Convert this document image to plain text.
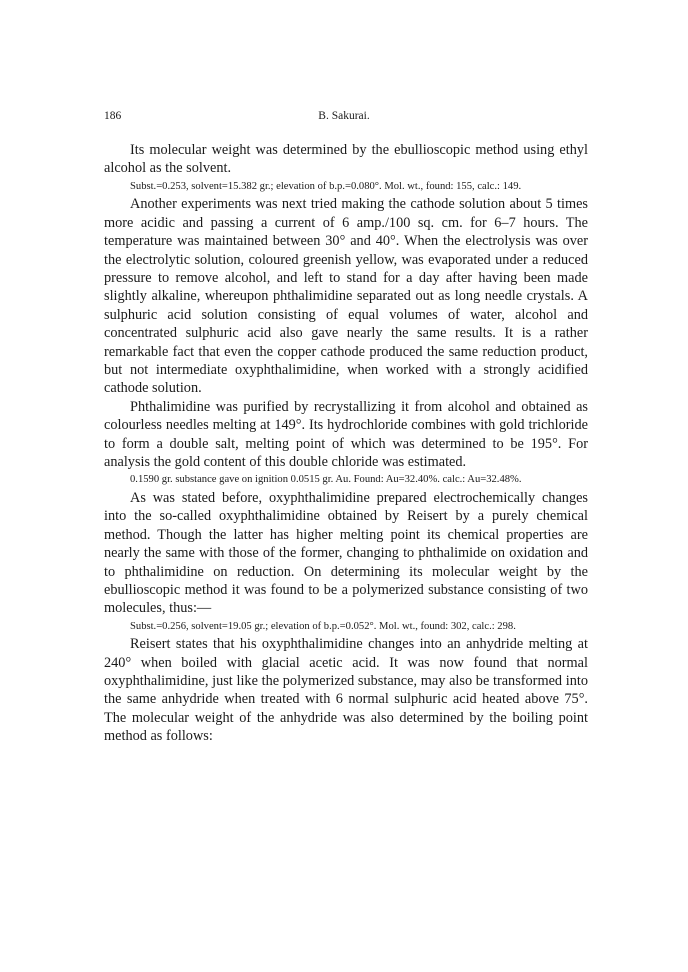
186	B. Sakurai.

Its molecular weight was determined by the ebullioscopic method using ethyl alcohol as the solvent.

Subst.=0.253, solvent=15.382 gr.; elevation of b.p.=0.080°. Mol. wt., found: 155, calc.: 149.

Another experiments was next tried making the cathode solution about 5 times more acidic and passing a current of 6 amp./100 sq. cm. for 6–7 hours. The temperature was maintained between 30° and 40°. When the electrolysis was over the electrolytic solution, coloured greenish yellow, was evaporated under a reduced pressure to remove alcohol, and left to stand for a day after having been made slightly alkaline, whereupon phthalimidine separated out as long needle crystals. A sulphuric acid solution consisting of equal volumes of water, alcohol and concentrated sulphuric acid also gave nearly the same results. It is a rather remarkable fact that even the copper cathode produced the same reduction product, but not intermediate oxyphthalimidine, when worked with a strongly acidified cathode solution.

Phthalimidine was purified by recrystallizing it from alcohol and obtained as colourless needles melting at 149°. Its hydrochloride combines with gold trichloride to form a double salt, melting point of which was determined to be 195°. For analysis the gold content of this double chloride was estimated.

0.1590 gr. substance gave on ignition 0.0515 gr. Au. Found: Au=32.40%. calc.: Au=32.48%.

As was stated before, oxyphthalimidine prepared electrochemically changes into the so-called oxyphthalimidine obtained by Reisert by a purely chemical method. Though the latter has higher melting point its chemical properties are nearly the same with those of the former, changing to phthalimide on oxidation and to phthalimidine on reduction. On determining its molecular weight by the ebullioscopic method it was found to be a polymerized substance consisting of two molecules, thus:—

Subst.=0.256, solvent=19.05 gr.; elevation of b.p.=0.052°. Mol. wt., found: 302, calc.: 298.

Reisert states that his oxyphthalimidine changes into an anhydride melting at 240° when boiled with glacial acetic acid. It was now found that normal oxyphthalimidine, just like the polymerized substance, may also be transformed into the same anhydride when treated with 6 normal sulphuric acid heated above 75°. The molecular weight of the anhydride was also determined by the boiling point method as follows:
